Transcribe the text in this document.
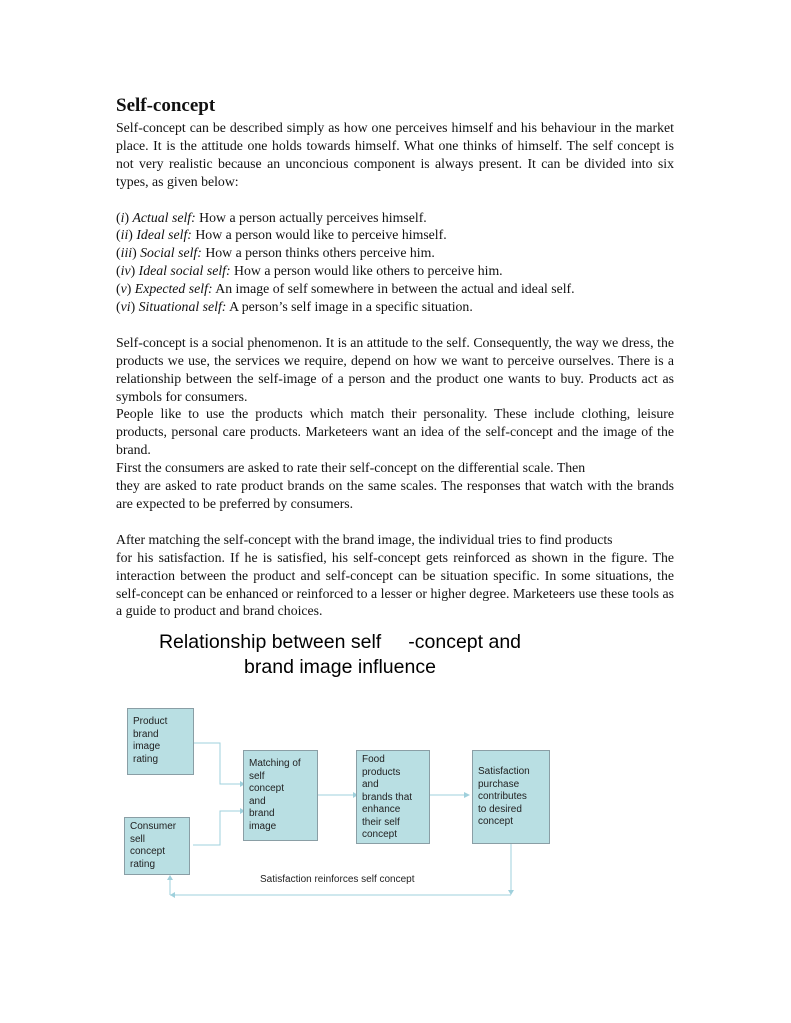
Self-concept

Self-concept can be described simply as how one perceives himself and his behaviour in the market place. It is the attitude one holds towards himself. What one thinks of himself. The self concept is not very realistic because an unconcious component is always present. It can be divided into six types, as given below:

(i) Actual self: How a person actually perceives himself.
(ii) Ideal self: How a person would like to perceive himself.
(iii) Social self: How a person thinks others perceive him.
(iv) Ideal social self: How a person would like others to perceive him.
(v) Expected self: An image of self somewhere in between the actual and ideal self.
(vi) Situational self: A person’s self image in a specific situation.

Self-concept is a social phenomenon. It is an attitude to the self. Consequently, the way we dress, the products we use, the services we require, depend on how we want to perceive ourselves. There is a relationship between the self-image of a person and the product one wants to buy. Products act as symbols for consumers.

People like to use the products which match their personality. These include clothing, leisure products, personal care products. Marketeers want an idea of the self-concept and the image of the brand.

First the consumers are asked to rate their self-concept on the differential scale. Then

they are asked to rate product brands on the same scales. The responses that watch with the brands are expected to be preferred by consumers.

After matching the self-concept with the brand image, the individual tries to find products

for his satisfaction. If he is satisfied, his self-concept gets reinforced as shown in the figure. The interaction between the product and self-concept can be situation specific. In some situations, the self-concept can be enhanced or reinforced to a lesser or higher degree. Marketeers use these tools as a guide to product and brand choices.

Relationship between self     -concept and
brand image influence
Product
brand
image
rating
Consumer
sell
concept
rating
Matching of
self
concept
and
brand
image
Food
products
and
brands that
enhance
their self
concept
Satisfaction
purchase
contributes
to desired
concept
Satisfaction reinforces self concept
